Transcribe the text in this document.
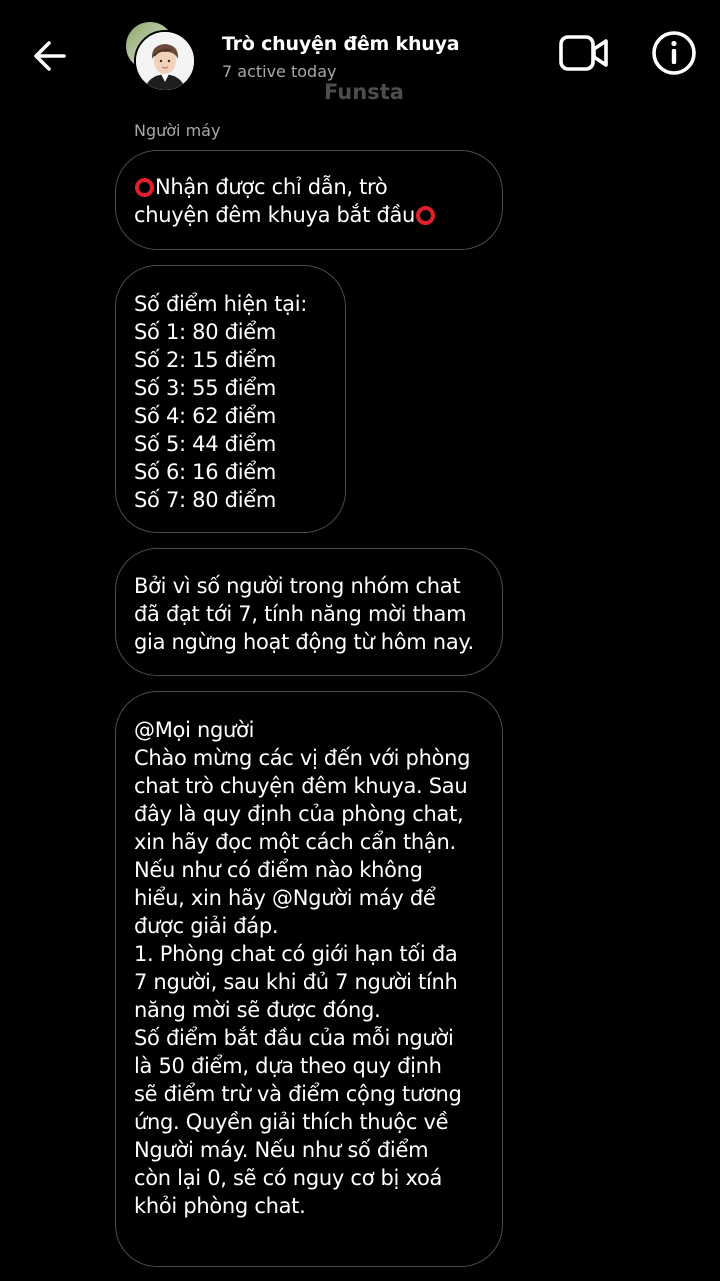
Trò chuyện đêm khuya
7 active today
Funsta
Người máy
Nhận được chỉ dẫn, trò
chuyện đêm khuya bắt đầu
Số điểm hiện tại:
Số 1: 80 điểm
Số 2: 15 điểm
Số 3: 55 điểm
Số 4: 62 điểm
Số 5: 44 điểm
Số 6: 16 điểm
Số 7: 80 điểm
Bởi vì số người trong nhóm chat
đã đạt tới 7, tính năng mời tham
gia ngừng hoạt động từ hôm nay.
@Mọi người
Chào mừng các vị đến với phòng
chat trò chuyện đêm khuya. Sau
đây là quy định của phòng chat,
xin hãy đọc một cách cẩn thận.
Nếu như có điểm nào không
hiểu, xin hãy @Người máy để
được giải đáp.
1. Phòng chat có giới hạn tối đa
7 người, sau khi đủ 7 người tính
năng mời sẽ được đóng.
Số điểm bắt đầu của mỗi người
là 50 điểm, dựa theo quy định
sẽ điểm trừ và điểm cộng tương
ứng. Quyền giải thích thuộc về
Người máy. Nếu như số điểm
còn lại 0, sẽ có nguy cơ bị xoá
khỏi phòng chat.
